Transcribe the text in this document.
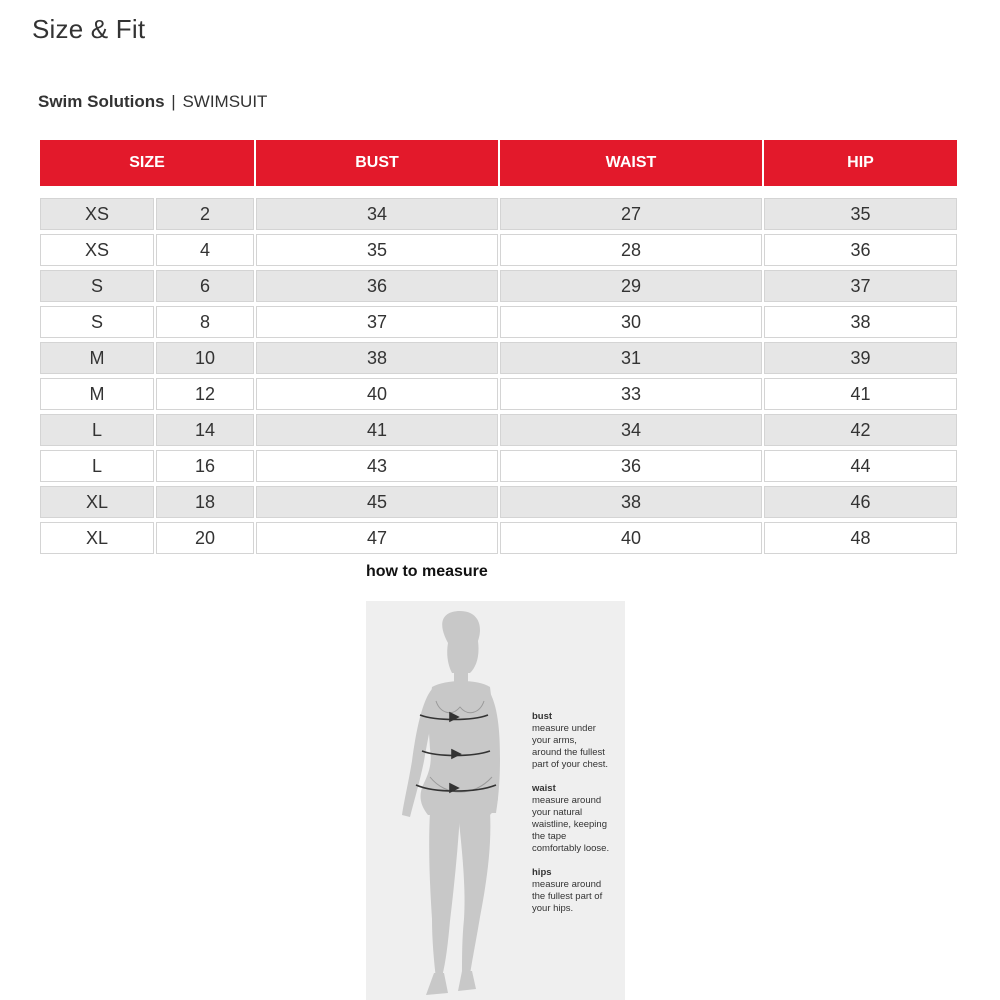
Size & Fit
Swim Solutions | SWIMSUIT
SIZE		BUST	WAIST	HIP

XS	2	34	27	35
XS	4	35	28	36
S	6	36	29	37
S	8	37	30	38
M	10	38	31	39
M	12	40	33	41
L	14	41	34	42
L	16	43	36	44
XL	18	45	38	46
XL	20	47	40	48
how to measure
bust
measure under
your arms,
around the fullest
part of your chest.
waist
measure around
your natural
waistline, keeping
the tape
comfortably loose.
hips
measure around
the fullest part of
your hips.
